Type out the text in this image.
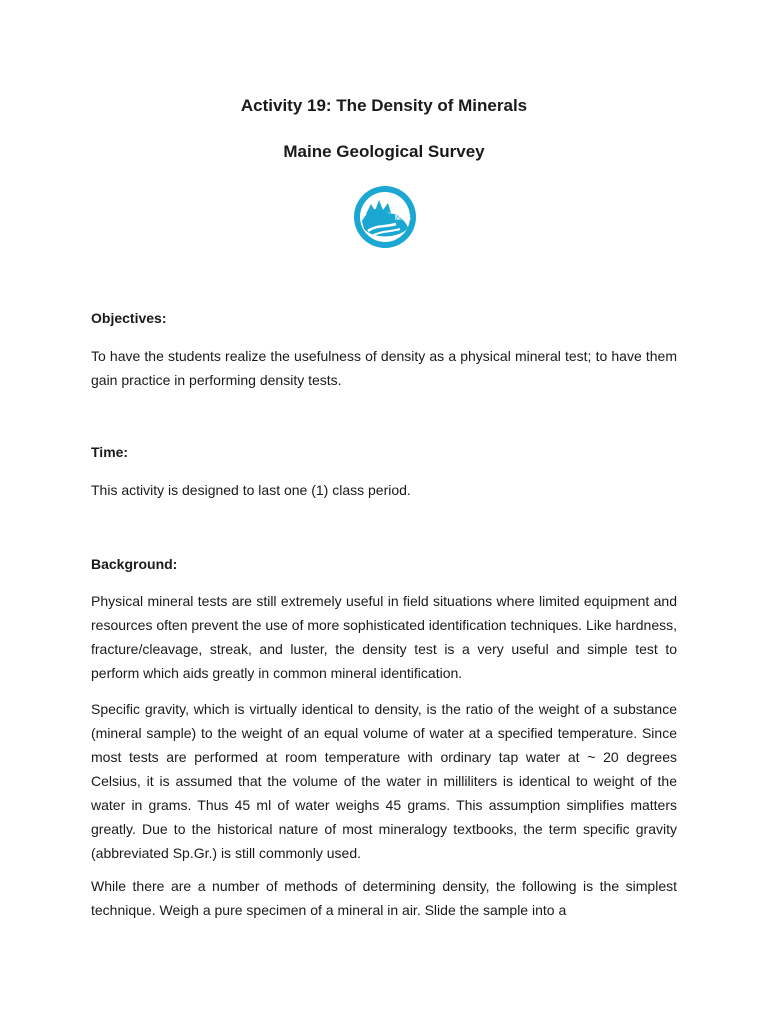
Activity 19: The Density of Minerals
Maine Geological Survey
MGS
Objectives:

To have the students realize the usefulness of density as a physical mineral test; to have them gain practice in performing density tests.

Time:

This activity is designed to last one (1) class period.

Background:

Physical mineral tests are still extremely useful in field situations where limited equipment and resources often prevent the use of more sophisticated identification techniques. Like hardness, fracture/cleavage, streak, and luster, the density test is a very useful and simple test to perform which aids greatly in common mineral identification.

Specific gravity, which is virtually identical to density, is the ratio of the weight of a substance (mineral sample) to the weight of an equal volume of water at a specified temperature. Since most tests are performed at room temperature with ordinary tap water at ~ 20 degrees Celsius, it is assumed that the volume of the water in milliliters is identical to weight of the water in grams. Thus 45 ml of water weighs 45 grams. This assumption simplifies matters greatly. Due to the historical nature of most mineralogy textbooks, the term specific gravity (abbreviated Sp.Gr.) is still commonly used.

While there are a number of methods of determining density, the following is the simplest technique. Weigh a pure specimen of a mineral in air. Slide the sample into a
